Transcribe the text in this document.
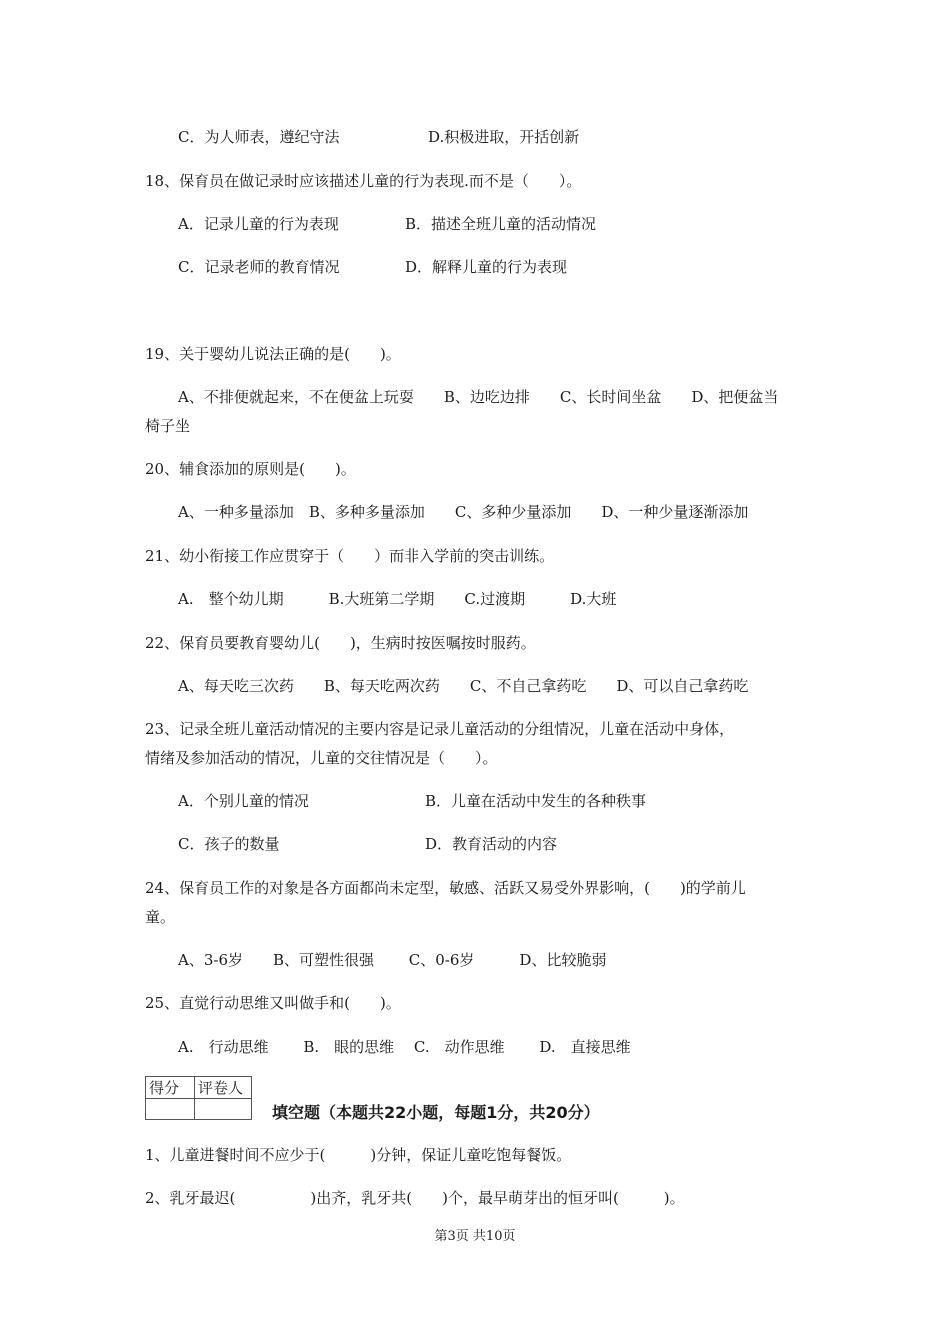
C．为人师表，遵纪守法	D.积极进取，开括创新
18、保育员在做记录时应该描述儿童的行为表现.而不是（　　）。
A．记录儿童的行为表现	B．描述全班儿童的活动情况
C．记录老师的教育情况	D．解释儿童的行为表现
19、关于婴幼儿说法正确的是(　　)。
A、不排便就起来，不在便盆上玩耍　　B、边吃边排　　C、长时间坐盆　　D、把便盆当
椅子坐
20、辅食添加的原则是(　　)。
A、一种多量添加　B、多种多量添加　　C、多种少量添加　　D、一种少量逐渐添加
21、幼小衔接工作应贯穿于（　　）而非入学前的突击训练。
A.　整个幼儿期　　　B.大班第二学期　　C.过渡期　　　D.大班
22、保育员要教育婴幼儿(　　)，生病时按医嘱按时服药。
A、每天吃三次药　　B、每天吃两次药　　C、不自己拿药吃　　D、可以自己拿药吃
23、记录全班儿童活动情况的主要内容是记录儿童活动的分组情况，儿童在活动中身体，
情绪及参加活动的情况，儿童的交往情况是（　　）。
A．个别儿童的情况	B．儿童在活动中发生的各种秩事
C．孩子的数量	D．教育活动的内容
24、保育员工作的对象是各方面都尚未定型，敏感、活跃又易受外界影响，(　　)的学前儿
童。
A、3-6岁　　B、可塑性很强　　 C、0-6岁　　　D、比较脆弱
25、直觉行动思维又叫做手和(　　)。
A.　行动思维　　 B.　眼的思维　 C.　动作思维　　 D.　直接思维
得分	评卷人

填空题（本题共22小题，每题1分，共20分）
1、儿童进餐时间不应少于(　　　)分钟，保证儿童吃饱每餐饭。
2、乳牙最迟(　　　　　)出齐，乳牙共(　　)个，最早萌芽出的恒牙叫(　　　)。
第3页 共10页
